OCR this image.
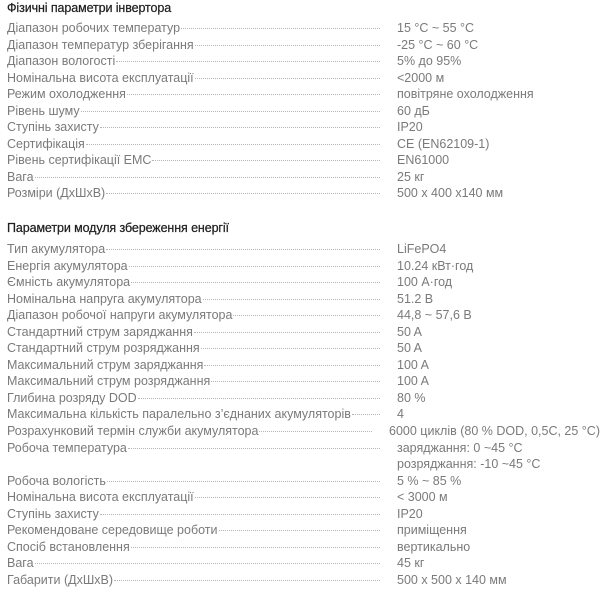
Фізичні параметри інвертора
Діапазон робочих температур	15 °C ~ 55 °C
Діапазон температур зберігання	-25 °C ~ 60 °C
Діапазон вологості	5% до 95%
Номінальна висота експлуатації	<2000 м
Режим охолодження	повітряне охолодження
Рівень шуму	60 дБ
Ступінь захисту	IP20
Сертифікація	CE (EN62109-1)
Рівень сертифікації EMC	EN61000
Вага	25 кг
Розміри (ДхШхВ)	500 x 400 x140 мм
Параметри модуля збереження енергії
Тип акумулятора	LiFePO4
Енергія акумулятора	10.24 кВт·год
Ємність акумулятора	100 А·год
Номінальна напруга акумулятора	51.2 В
Діапазон робочої напруги акумулятора	44,8 ~ 57,6 В
Стандартний струм заряджання	50 A
Стандартний струм розряджання	50 A
Максимальний струм заряджання	100 A
Максимальний струм розряджання	100 A
Глибина розряду DOD	80 %
Максимальна кількість паралельно з’єднаних акумуляторів	4
Розрахунковий термін служби акумулятора	6000 циклів (80 % DOD, 0,5C, 25 °C)
Робоча температура	заряджання: 0 ~45 °C
розряджання: -10 ~45 °C
Робоча вологість	5 % ~ 85 %
Номінальна висота експлуатації	< 3000 м
Ступінь захисту	IP20
Рекомендоване середовище роботи	приміщення
Спосіб встановлення	вертикально
Вага	45 кг
Габарити (ДхШхВ)	500 x 500 x 140 мм
